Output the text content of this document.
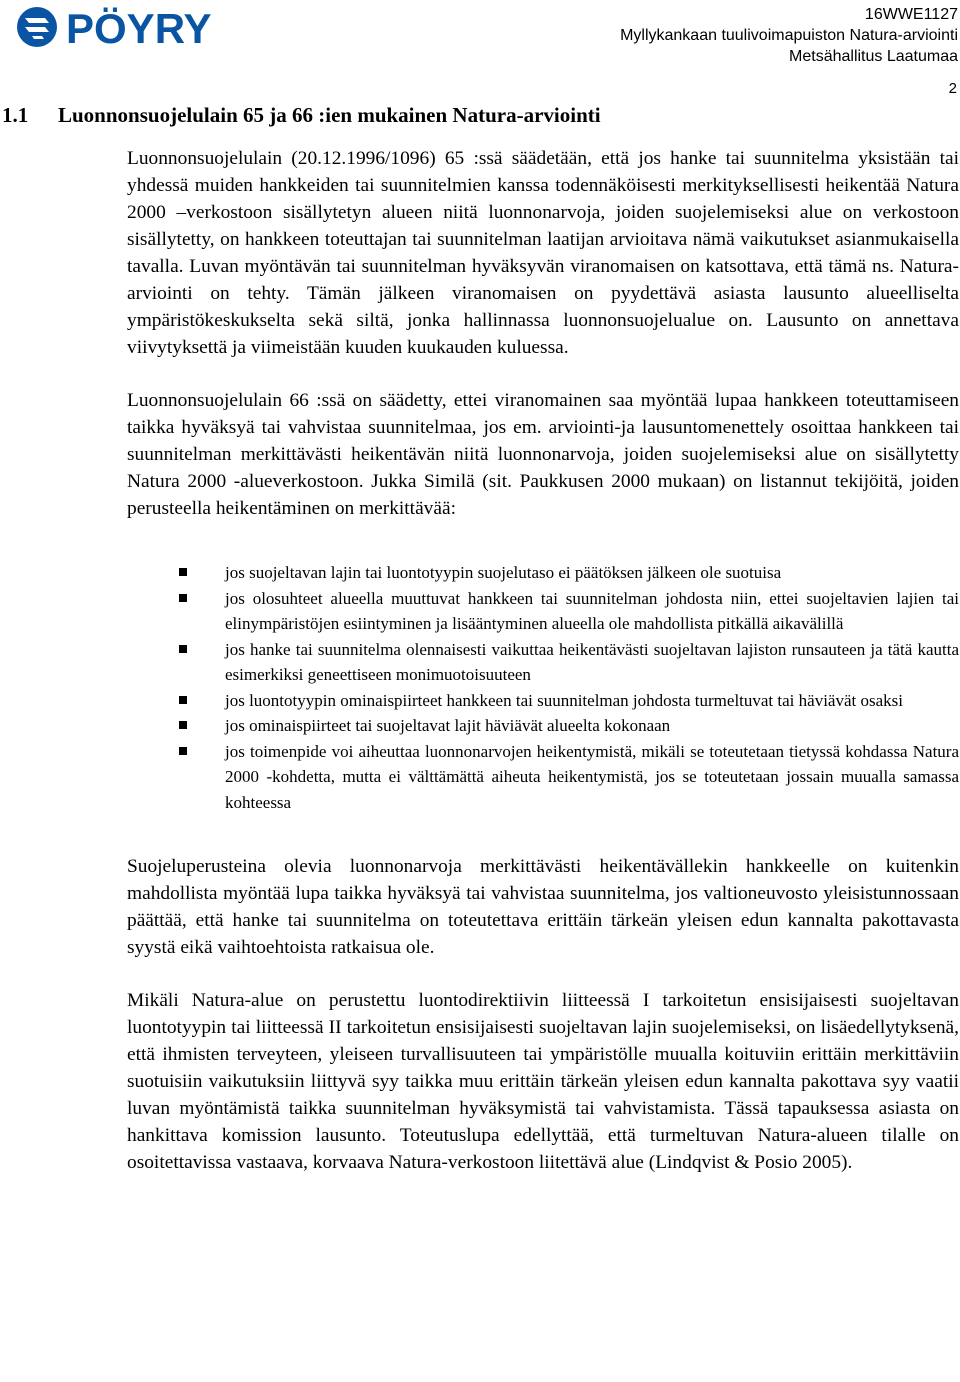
PÖYRY	16WWE1127
Myllykankaan tuulivoimapuiston Natura-arviointi
Metsähallitus Laatumaa
2
1.1 Luonnonsuojelulain 65 ja 66 :ien mukainen Natura-arviointi

Luonnonsuojelulain (20.12.1996/1096) 65 :ssä säädetään, että jos hanke tai suunnitelma yksistään tai yhdessä muiden hankkeiden tai suunnitelmien kanssa todennäköisesti merkityksellisesti heikentää Natura 2000 –verkostoon sisällytetyn alueen niitä luonnonarvoja, joiden suojelemiseksi alue on verkostoon sisällytetty, on hankkeen toteuttajan tai suunnitelman laatijan arvioitava nämä vaikutukset asianmukaisella tavalla. Luvan myöntävän tai suunnitelman hyväksyvän viranomaisen on katsottava, että tämä ns. Natura-arviointi on tehty. Tämän jälkeen viranomaisen on pyydettävä asiasta lausunto alueelliselta ympäristökeskukselta sekä siltä, jonka hallinnassa luonnonsuojelualue on. Lausunto on annettava viivytyksettä ja viimeistään kuuden kuukauden kuluessa.

Luonnonsuojelulain 66 :ssä on säädetty, ettei viranomainen saa myöntää lupaa hankkeen toteuttamiseen taikka hyväksyä tai vahvistaa suunnitelmaa, jos em. arviointi-ja lausuntomenettely osoittaa hankkeen tai suunnitelman merkittävästi heikentävän niitä luonnonarvoja, joiden suojelemiseksi alue on sisällytetty Natura 2000 -alueverkostoon. Jukka Similä (sit. Paukkusen 2000 mukaan) on listannut tekijöitä, joiden perusteella heikentäminen on merkittävää:

jos suojeltavan lajin tai luontotyypin suojelutaso ei päätöksen jälkeen ole suotuisa
jos olosuhteet alueella muuttuvat hankkeen tai suunnitelman johdosta niin, ettei suojeltavien lajien tai elinympäristöjen esiintyminen ja lisääntyminen alueella ole mahdollista pitkällä aikavälillä
jos hanke tai suunnitelma olennaisesti vaikuttaa heikentävästi suojeltavan lajiston runsauteen ja tätä kautta esimerkiksi geneettiseen monimuotoisuuteen
jos luontotyypin ominaispiirteet hankkeen tai suunnitelman johdosta turmeltuvat tai häviävät osaksi
jos ominaispiirteet tai suojeltavat lajit häviävät alueelta kokonaan
jos toimenpide voi aiheuttaa luonnonarvojen heikentymistä, mikäli se toteutetaan tietyssä kohdassa Natura 2000 -kohdetta, mutta ei välttämättä aiheuta heikentymistä, jos se toteutetaan jossain muualla samassa kohteessa

Suojeluperusteina olevia luonnonarvoja merkittävästi heikentävällekin hankkeelle on kuitenkin mahdollista myöntää lupa taikka hyväksyä tai vahvistaa suunnitelma, jos valtioneuvosto yleisistunnossaan päättää, että hanke tai suunnitelma on toteutettava erittäin tärkeän yleisen edun kannalta pakottavasta syystä eikä vaihtoehtoista ratkaisua ole.

Mikäli Natura-alue on perustettu luontodirektiivin liitteessä I tarkoitetun ensisijaisesti suojeltavan luontotyypin tai liitteessä II tarkoitetun ensisijaisesti suojeltavan lajin suojelemiseksi, on lisäedellytyksenä, että ihmisten terveyteen, yleiseen turvallisuuteen tai ympäristölle muualla koituviin erittäin merkittäviin suotuisiin vaikutuksiin liittyvä syy taikka muu erittäin tärkeän yleisen edun kannalta pakottava syy vaatii luvan myöntämistä taikka suunnitelman hyväksymistä tai vahvistamista. Tässä tapauksessa asiasta on hankittava komission lausunto. Toteutuslupa edellyttää, että turmeltuvan Natura-alueen tilalle on osoitettavissa vastaava, korvaava Natura-verkostoon liitettävä alue (Lindqvist & Posio 2005).
